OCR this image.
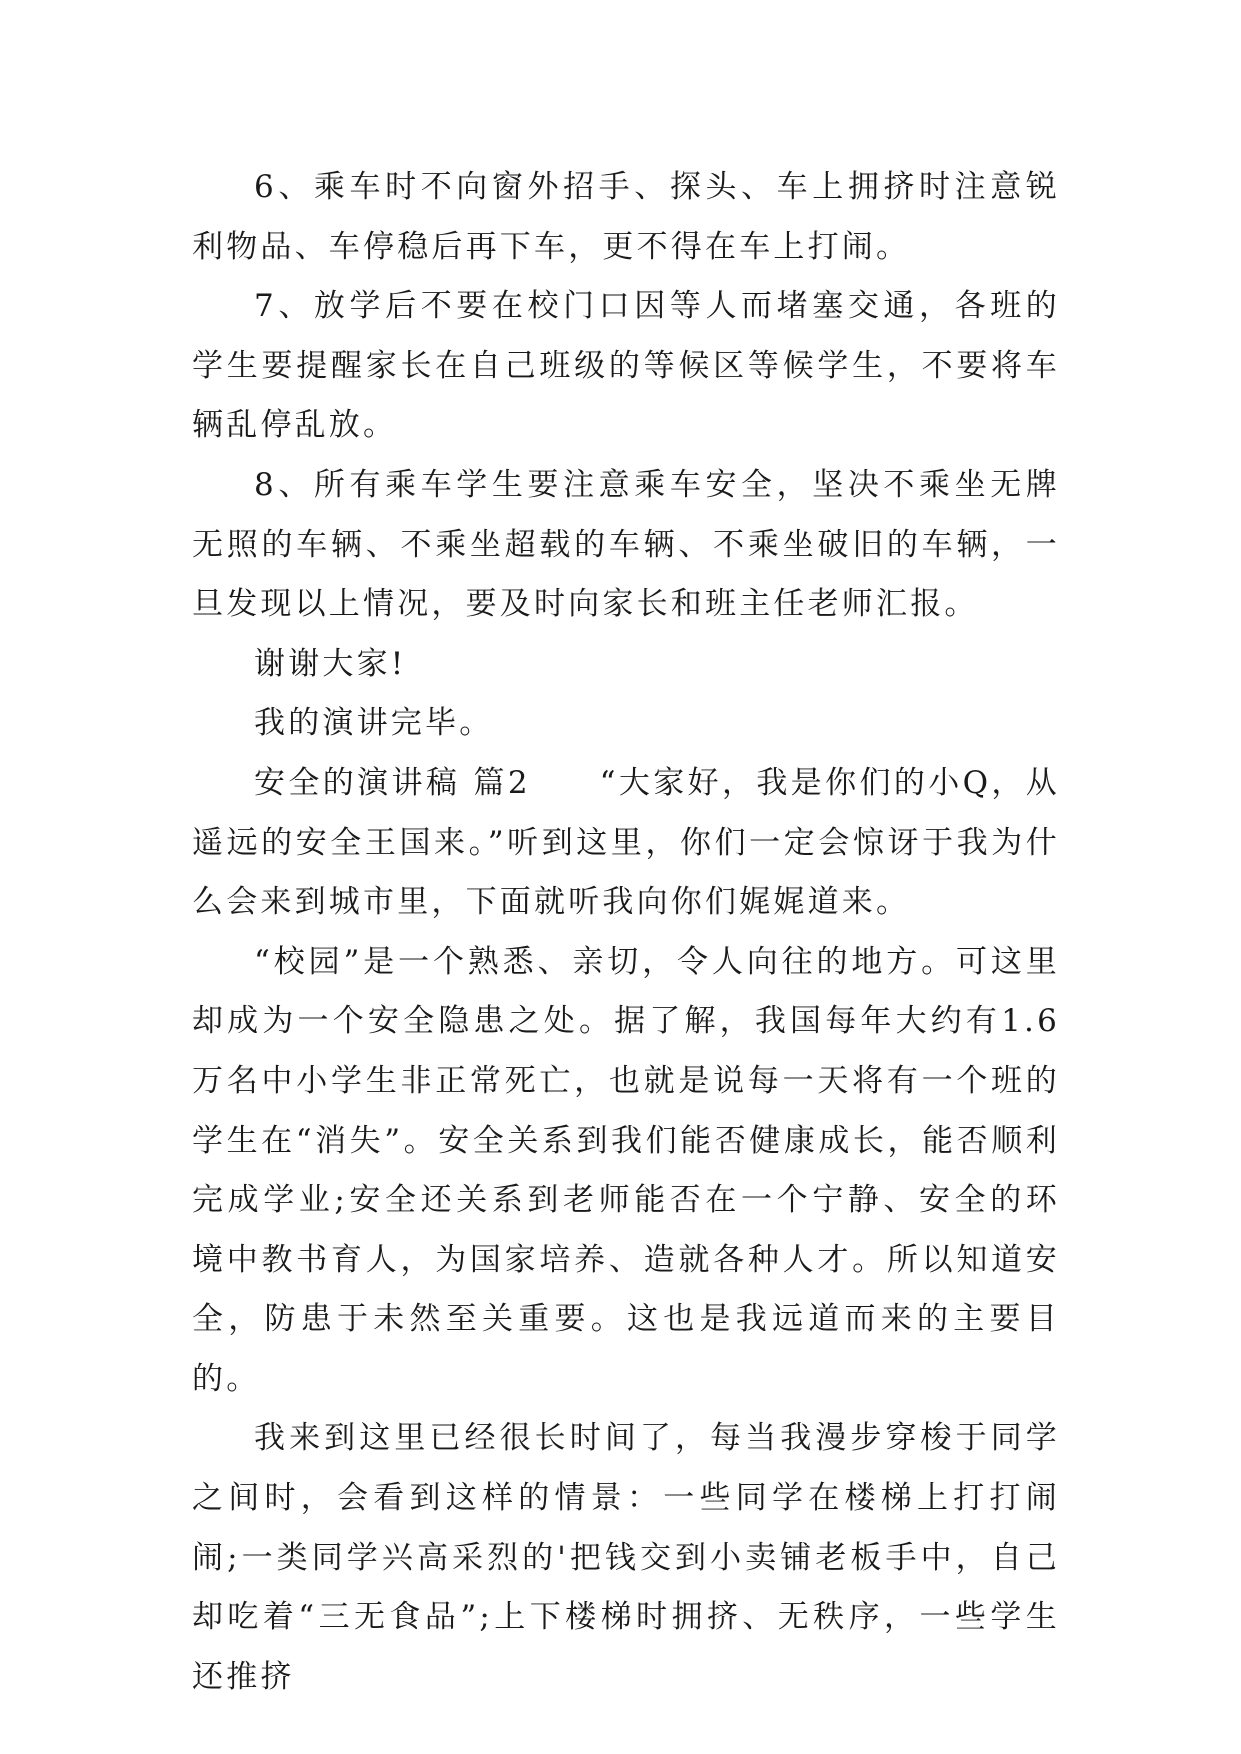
6、乘车时不向窗外招手、探头、车上拥挤时注意锐利物品、车停稳后再下车，更不得在车上打闹。

7、放学后不要在校门口因等人而堵塞交通，各班的学生要提醒家长在自己班级的等候区等候学生，不要将车辆乱停乱放。

8、所有乘车学生要注意乘车安全，坚决不乘坐无牌无照的车辆、不乘坐超载的车辆、不乘坐破旧的车辆，一旦发现以上情况，要及时向家长和班主任老师汇报。

谢谢大家!

我的演讲完毕。

安全的演讲稿 篇2　　“大家好，我是你们的小Q，从遥远的安全王国来。”听到这里，你们一定会惊讶于我为什么会来到城市里，下面就听我向你们娓娓道来。

“校园”是一个熟悉、亲切，令人向往的地方。可这里却成为一个安全隐患之处。据了解，我国每年大约有1.6万名中小学生非正常死亡，也就是说每一天将有一个班的学生在“消失”。安全关系到我们能否健康成长，能否顺利完成学业;安全还关系到老师能否在一个宁静、安全的环境中教书育人，为国家培养、造就各种人才。所以知道安全，防患于未然至关重要。这也是我远道而来的主要目的。

我来到这里已经很长时间了，每当我漫步穿梭于同学之间时，会看到这样的情景：一些同学在楼梯上打打闹闹;一类同学兴高采烈的'把钱交到小卖铺老板手中，自己却吃着“三无食品”;上下楼梯时拥挤、无秩序，一些学生还推挤
